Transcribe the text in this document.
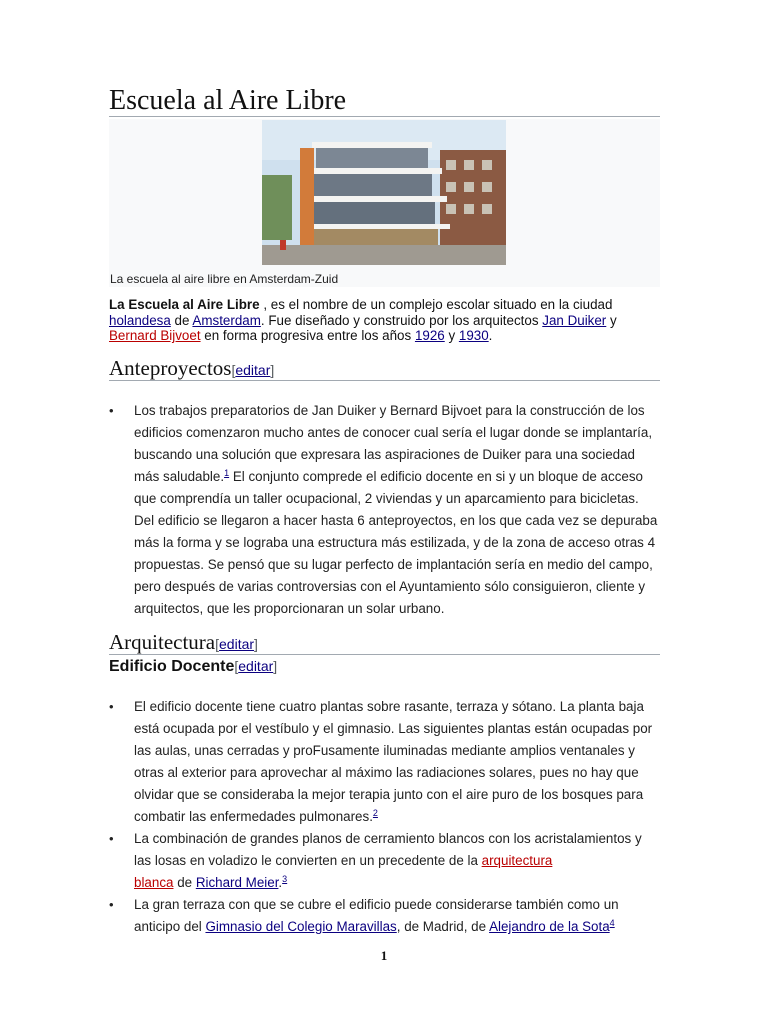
Escuela al Aire Libre
La escuela al aire libre en Amsterdam-Zuid
La Escuela al Aire Libre , es el nombre de un complejo escolar situado en la ciudad holandesa de Amsterdam. Fue diseñado y construido por los arquitectos Jan Duiker y Bernard Bijvoet en forma progresiva entre los años 1926 y 1930.
Anteproyectos[editar]
• Los trabajos preparatorios de Jan Duiker y Bernard Bijvoet para la construcción de los edificios comenzaron mucho antes de conocer cual sería el lugar donde se implantaría, buscando una solución que expresara las aspiraciones de Duiker para una sociedad más saludable.$^1$ El conjunto comprede el edificio docente en si y un bloque de acceso que comprendía un taller ocupacional, 2 viviendas y un aparcamiento para bicicletas. Del edificio se llegaron a hacer hasta 6 anteproyectos, en los que cada vez se depuraba más la forma y se lograba una estructura más estilizada, y de la zona de acceso otras 4 propuestas. Se pensó que su lugar perfecto de implantación sería en medio del campo, pero después de varias controversias con el Ayuntamiento sólo consiguieron, cliente y arquitectos, que les proporcionaran un solar urbano.
Arquitectura[editar]
Edificio Docente[editar]
• El edificio docente tiene cuatro plantas sobre rasante, terraza y sótano. La planta baja está ocupada por el vestíbulo y el gimnasio. Las siguientes plantas están ocupadas por las aulas, unas cerradas y proFusamente iluminadas mediante amplios ventanales y otras al exterior para aprovechar al máximo las radiaciones solares, pues no hay que olvidar que se consideraba la mejor terapia junto con el aire puro de los bosques para combatir las enfermedades pulmonares.$^2$
• La combinación de grandes planos de cerramiento blancos con los acristalamientos y las losas en voladizo le convierten en un precedente de la arquitectura
blanca de Richard Meier.$^3$
• La gran terraza con que se cubre el edificio puede considerarse también como un anticipo del Gimnasio del Colegio Maravillas, de Madrid, de Alejandro de la Sota$^4$
1
